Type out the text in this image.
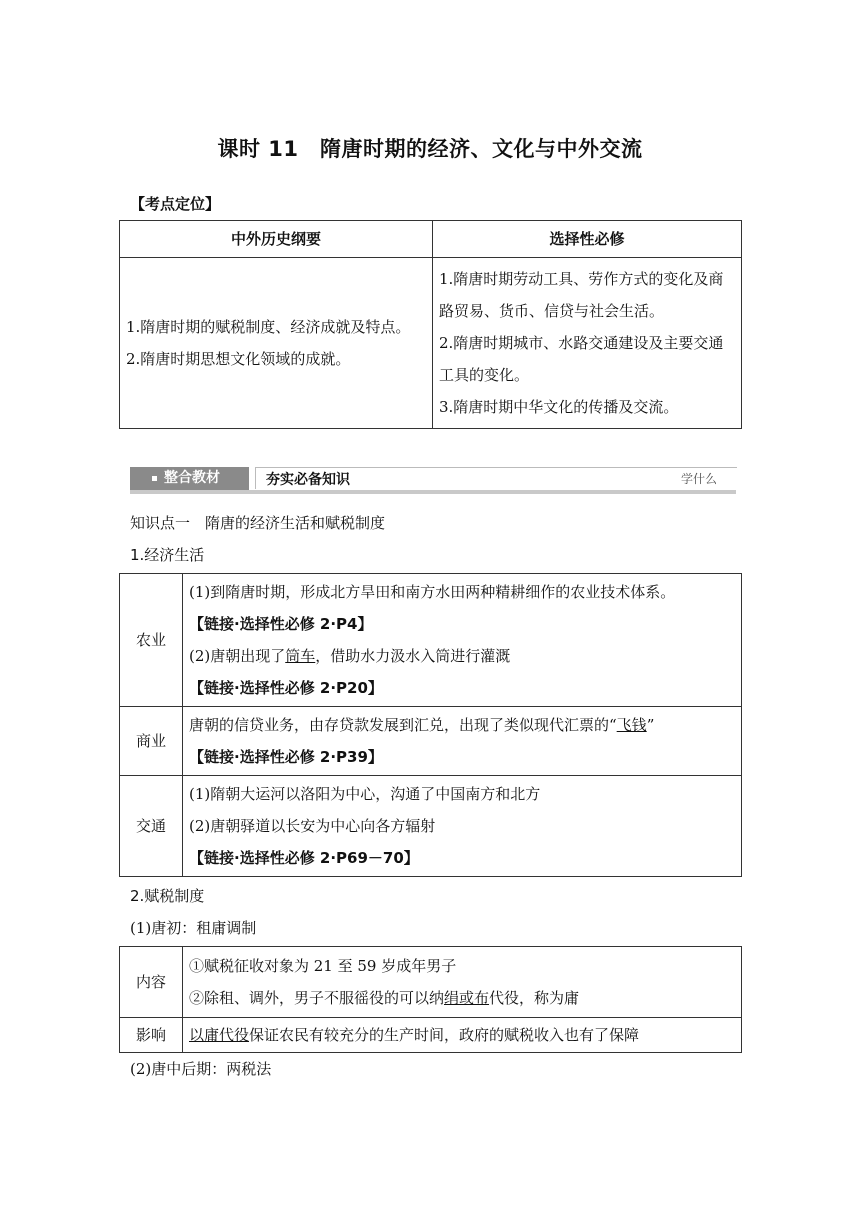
课时 11　隋唐时期的经济、文化与中外交流
【考点定位】
中外历史纲要	选择性必修

1.隋唐时期的赋税制度、经济成就及特点。
2.隋唐时期思想文化领域的成就。	1.隋唐时期劳动工具、劳作方式的变化及商路贸易、货币、信贷与社会生活。
2.隋唐时期城市、水路交通建设及主要交通工具的变化。
3.隋唐时期中华文化的传播及交流。
整合教材	夯实必备知识	学什么
知识点一　隋唐的经济生活和赋税制度
1.经济生活
农业	(1)到隋唐时期，形成北方旱田和南方水田两种精耕细作的农业技术体系。
【链接·选择性必修 2·P4】
(2)唐朝出现了筒车，借助水力汲水入筒进行灌溉
【链接·选择性必修 2·P20】

商业	唐朝的信贷业务，由存贷款发展到汇兑，出现了类似现代汇票的“飞钱”
【链接·选择性必修 2·P39】

交通	(1)隋朝大运河以洛阳为中心，沟通了中国南方和北方
(2)唐朝驿道以长安为中心向各方辐射
【链接·选择性必修 2·P69－70】
2.赋税制度
(1)唐初：租庸调制
内容	①赋税征收对象为 21 至 59 岁成年男子
②除租、调外，男子不服徭役的可以纳绢或布代役，称为庸

影响	以庸代役保证农民有较充分的生产时间，政府的赋税收入也有了保障
(2)唐中后期：两税法
